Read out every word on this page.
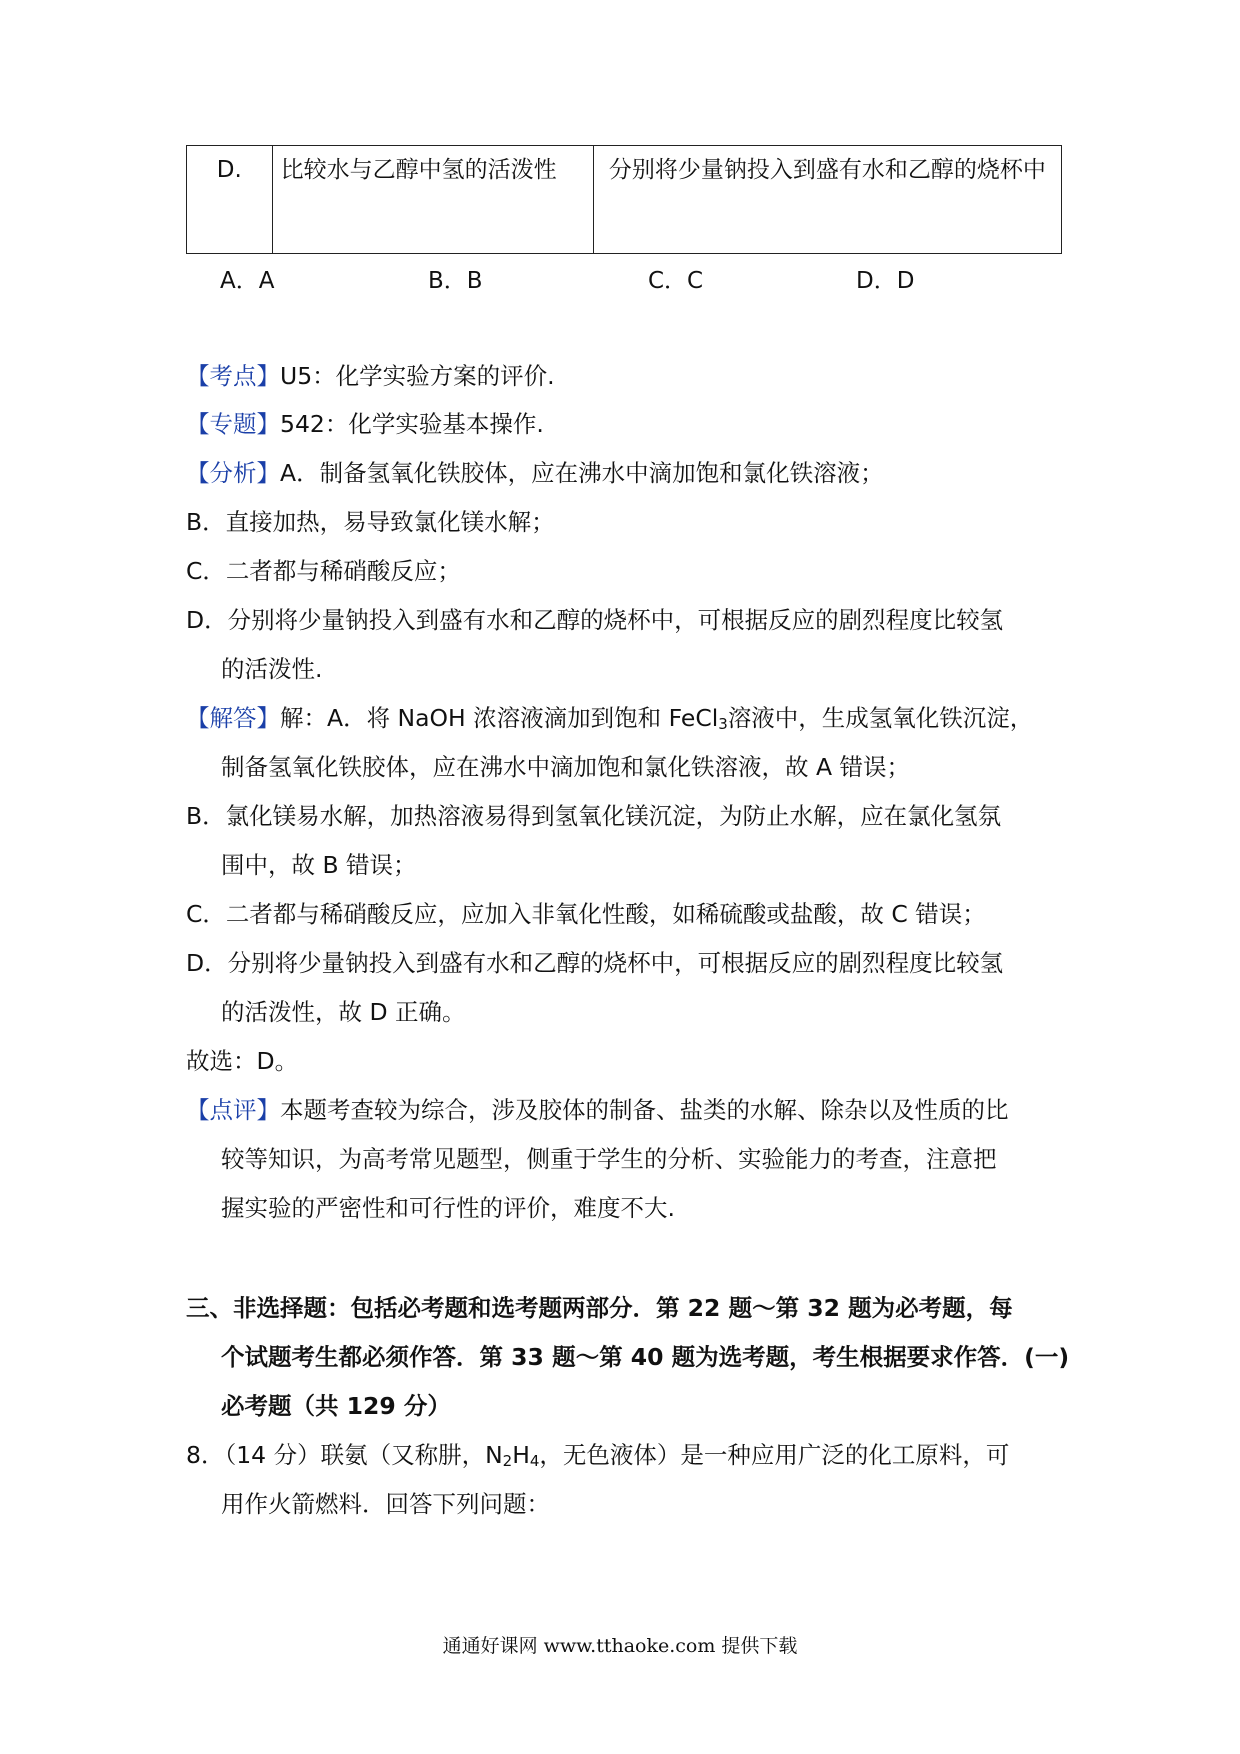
D.	比较水与乙醇中氢的活泼性	分别将少量钠投入到盛有水和乙醇的烧杯中
A．A	B．B	C．C	D．D
【考点】U5：化学实验方案的评价.
【专题】542：化学实验基本操作.
【分析】A．制备氢氧化铁胶体，应在沸水中滴加饱和氯化铁溶液；
B．直接加热，易导致氯化镁水解；
C．二者都与稀硝酸反应；
D．分别将少量钠投入到盛有水和乙醇的烧杯中，可根据反应的剧烈程度比较氢
的活泼性.
【解答】解：A．将 NaOH 浓溶液滴加到饱和 FeCl$_3$溶液中，生成氢氧化铁沉淀，
制备氢氧化铁胶体，应在沸水中滴加饱和氯化铁溶液，故 A 错误；
B．氯化镁易水解，加热溶液易得到氢氧化镁沉淀，为防止水解，应在氯化氢氛
围中，故 B 错误；
C．二者都与稀硝酸反应，应加入非氧化性酸，如稀硫酸或盐酸，故 C 错误；
D．分别将少量钠投入到盛有水和乙醇的烧杯中，可根据反应的剧烈程度比较氢
的活泼性，故 D 正确。
故选：D。
【点评】本题考查较为综合，涉及胶体的制备、盐类的水解、除杂以及性质的比
较等知识，为高考常见题型，侧重于学生的分析、实验能力的考查，注意把
握实验的严密性和可行性的评价，难度不大.
三、非选择题：包括必考题和选考题两部分．第 22 题～第 32 题为必考题，每
个试题考生都必须作答．第 33 题～第 40 题为选考题，考生根据要求作答．(一)
必考题（共 129 分）
8．（14 分）联氨（又称肼，$N_2H_4$，无色液体）是一种应用广泛的化工原料，可
用作火箭燃料．回答下列问题：
通通好课网 www.tthaoke.com 提供下载
